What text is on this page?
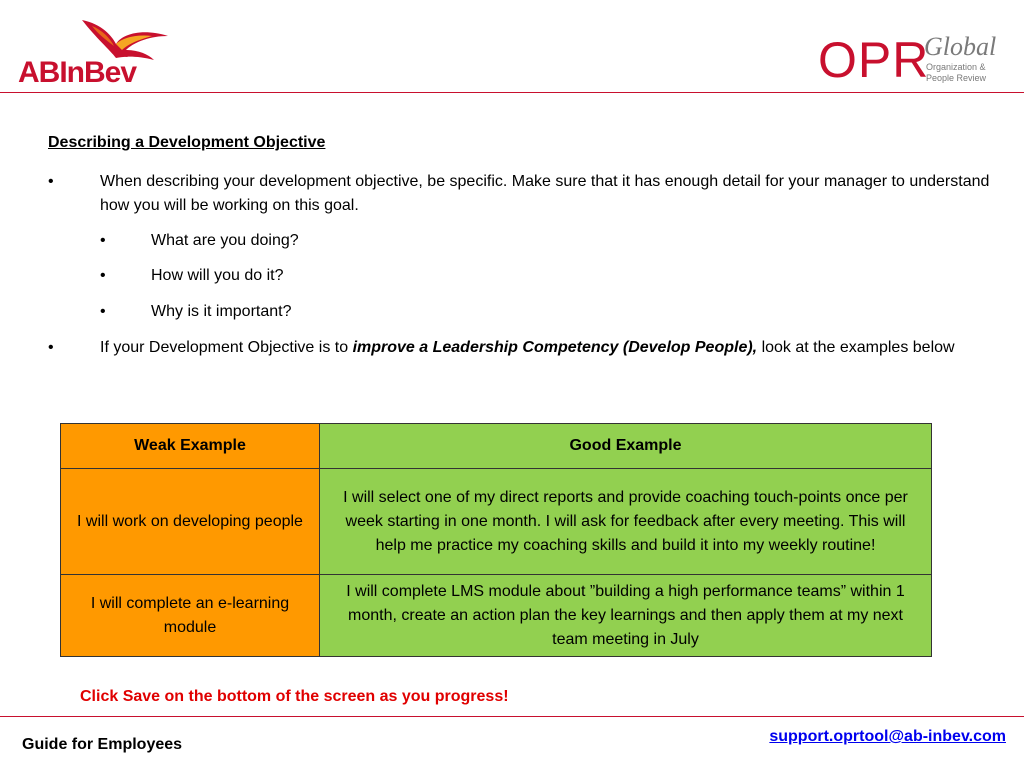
ABInBev	OPR
Global
Organization &
People Review
Describing a Development Objective
•	When describing your development objective, be specific. Make sure that it has enough detail for your manager to understand how you will be working on this goal.
•	What are you doing?
•	How will you do it?
•	Why is it important?
•	If your Development Objective is to improve a Leadership Competency (Develop People), look at the examples below
Weak Example	Good Example
I will work on developing people	I will select one of my direct reports and provide coaching touch-points once per week starting in one month. I will ask for feedback after every meeting. This will help me practice my coaching skills and build it into my weekly routine!
I will complete an e-learning module	I will complete LMS module about ”building a high performance teams” within 1 month, create an action plan the key learnings and then apply them at my next team meeting in July
Click Save on the bottom of the screen as you progress!
Guide for Employees	support.oprtool@ab-inbev.com
